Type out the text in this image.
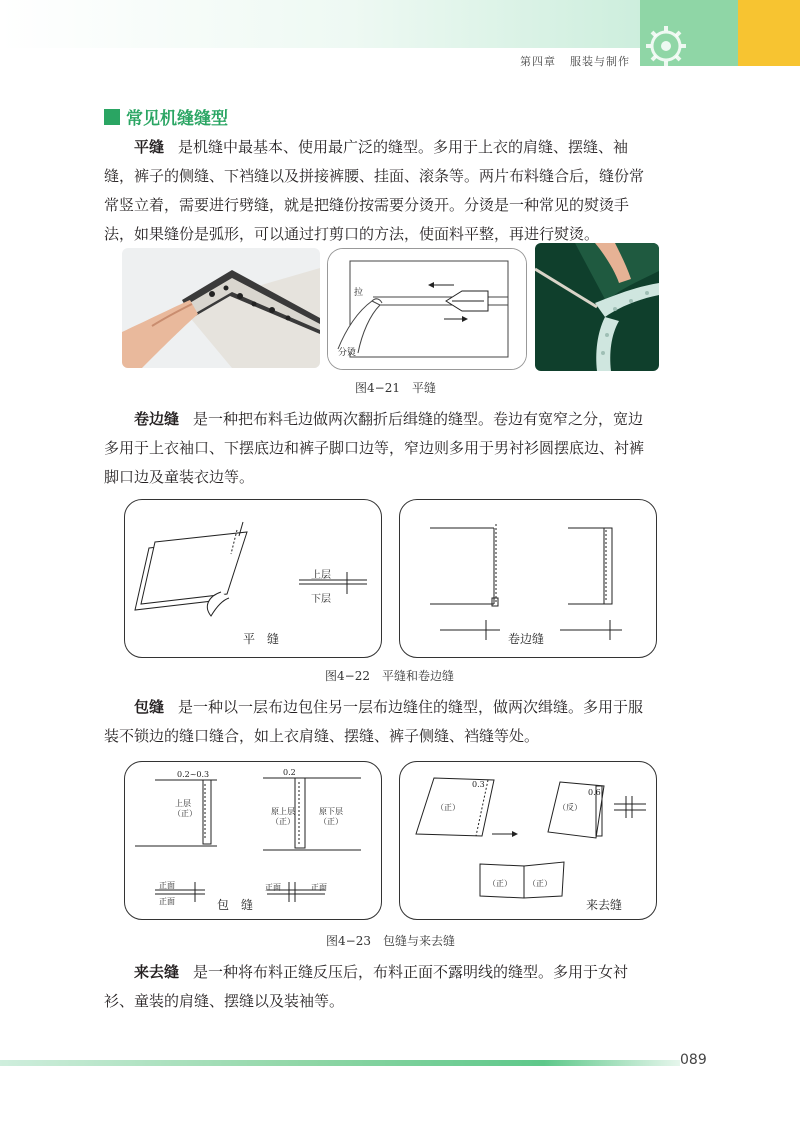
第四章 服装与制作
常见机缝缝型
平缝 是机缝中最基本、使用最广泛的缝型。多用于上衣的肩缝、摆缝、袖
缝，裤子的侧缝、下裆缝以及拼接裤腰、挂面、滚条等。两片布料缝合后，缝份常
常竖立着，需要进行劈缝，就是把缝份按需要分烫开。分烫是一种常见的熨烫手
法，如果缝份是弧形，可以通过打剪口的方法，使面料平整，再进行熨烫。
拉
分烫
图4−21　平缝
卷边缝 是一种把布料毛边做两次翻折后缉缝的缝型。卷边有宽窄之分，宽边
多用于上衣袖口、下摆底边和裤子脚口边等，窄边则多用于男衬衫圆摆底边、衬裤
脚口边及童装衣边等。
上层
下层
平　缝	卷边缝
图4−22　平缝和卷边缝
包缝 是一种以一层布边包住另一层布边缝住的缝型，做两次缉缝。多用于服
装不锁边的缝口缝合，如上衣肩缝、摆缝、裤子侧缝、裆缝等处。
0.2~0.3	0.2
上层
（正）	原上层
（正）
原下层
（正）
正面
正面
正面	正面
包　缝
0.3
0.6
（正）	（反）
（正） （正）
来去缝
图4−23　包缝与来去缝
来去缝 是一种将布料正缝反压后，布料正面不露明线的缝型。多用于女衬
衫、童装的肩缝、摆缝以及装袖等。
089
